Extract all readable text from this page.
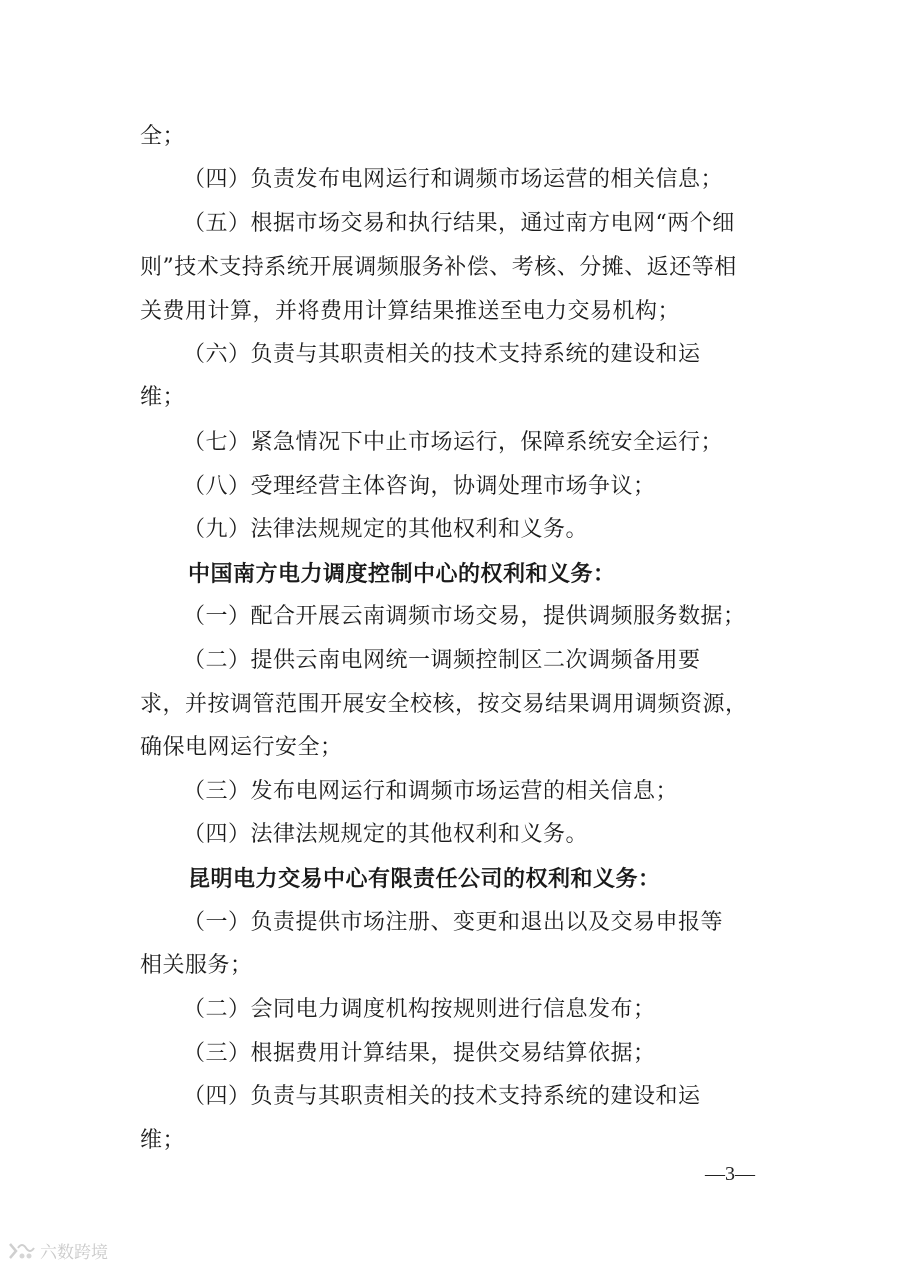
全；
（四）负责发布电网运行和调频市场运营的相关信息；
（五）根据市场交易和执行结果，通过南方电网“两个细
则”技术支持系统开展调频服务补偿、考核、分摊、返还等相
关费用计算，并将费用计算结果推送至电力交易机构；
（六）负责与其职责相关的技术支持系统的建设和运
维；
（七）紧急情况下中止市场运行，保障系统安全运行；
（八）受理经营主体咨询，协调处理市场争议；
（九）法律法规规定的其他权利和义务。
中国南方电力调度控制中心的权利和义务：
（一）配合开展云南调频市场交易，提供调频服务数据；
（二）提供云南电网统一调频控制区二次调频备用要
求，并按调管范围开展安全校核，按交易结果调用调频资源，
确保电网运行安全；
（三）发布电网运行和调频市场运营的相关信息；
（四）法律法规规定的其他权利和义务。
昆明电力交易中心有限责任公司的权利和义务：
（一）负责提供市场注册、变更和退出以及交易申报等
相关服务；
（二）会同电力调度机构按规则进行信息发布；
（三）根据费用计算结果，提供交易结算依据；
（四）负责与其职责相关的技术支持系统的建设和运
维；
—3—
六数跨境
